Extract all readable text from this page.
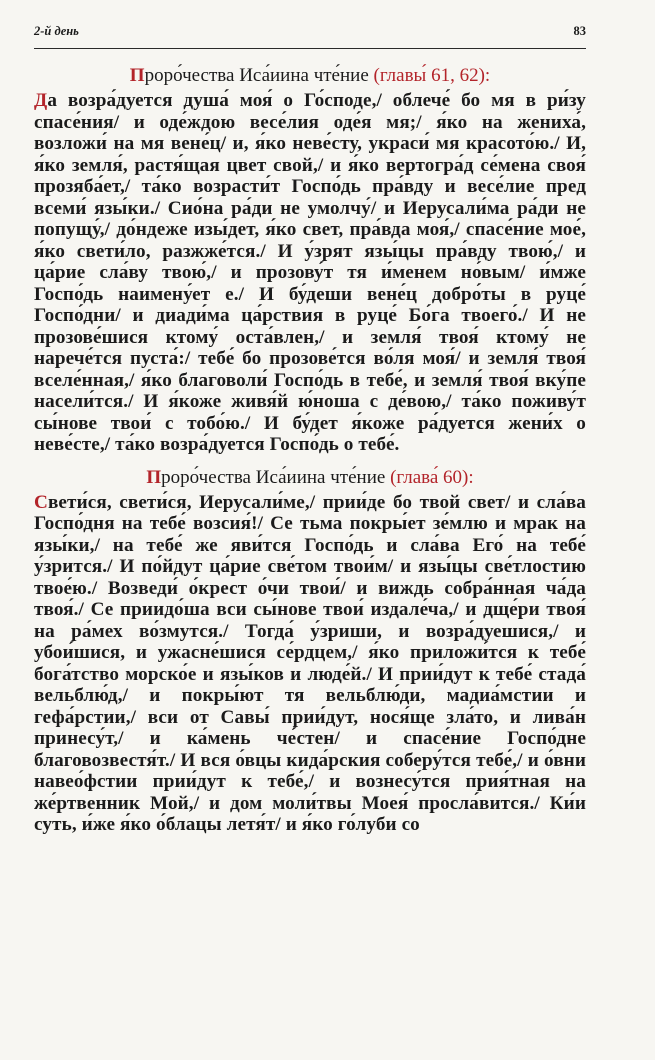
2-й день	83
Проро́чества Иса́иина чте́ние (главы́ 61, 62):

Да возра́дуется душа́ моя́ о Го́споде,/ облече́ бо мя в ри́зу спасе́ния/ и оде́ждою весе́лия оде́я мя;/ я́ко на жениха́, возложи́ на мя вене́ц/ и, я́ко неве́сту, украси́ мя красото́ю./ И, я́ко земля́, растя́щая цвет свой,/ и я́ко вертогра́д се́мена своя́ прозяба́ет,/ та́ко возрасти́т Госпо́дь пра́вду и весе́лие пред всеми́ язы́ки./ Сио́на ра́ди не умолчу́/ и Иерусали́ма ра́ди не попущу́,/ до́ндеже изы́дет, я́ко свет, пра́вда моя́,/ спасе́ние мое́, я́ко свети́ло, разжже́тся./ И у́зрят язы́цы пра́вду твою́,/ и ца́рие сла́ву твою́,/ и прозову́т тя и́менем но́вым/ и́мже Госпо́дь наимену́ет е./ И бу́деши вене́ц добро́ты в руце́ Госпо́дни/ и диади́ма ца́рствия в руце́ Бо́га твоего́./ И не прозове́шися ктому́ оста́влен,/ и земля́ твоя́ ктому́ не нарече́тся пуста́:/ тебе́ бо прозове́тся во́ля моя́/ и земля́ твоя́ вселе́нная,/ я́ко благоволи́ Госпо́дь в тебе́, и земля́ твоя́ вку́пе насели́тся./ И я́коже живя́й ю́ноша с де́вою,/ та́ко поживу́т сы́нове твои́ с тобо́ю./ И бу́дет я́коже ра́дуется жени́х о неве́сте,/ та́ко возра́дуется Госпо́дь о тебе́.

Проро́чества Иса́иина чте́ние (глава́ 60):

Свети́ся, свети́ся, Иерусали́ме,/ прии́де бо твой свет/ и сла́ва Госпо́дня на тебе́ возсия́!/ Се тьма покры́ет зе́млю и мрак на язы́ки,/ на тебе́ же яви́тся Госпо́дь и сла́ва Его́ на тебе́ у́зрится./ И по́йдут ца́рие све́том твои́м/ и язы́цы све́тлостию твое́ю./ Возведи́ о́крест о́чи твои́/ и виждь собра́нная ча́да твоя́./ Се приидо́ша вси сы́нове твои́ издале́ча,/ и дще́ри твоя́ на ра́мех во́змутся./ Тогда́ у́зриши, и возра́дуешися,/ и убои́шися, и ужасне́шися се́рдцем,/ я́ко приложи́тся к тебе́ бога́тство морско́е и язы́ков и люде́й./ И прии́дут к тебе́ стада́ вельблю́д,/ и покры́ют тя вельблю́ди, мадиа́мстии и гефа́рстии,/ вси от Савы́ прии́дут, нося́ще зла́то, и лива́н принесу́т,/ и ка́мень че́стен/ и спасе́ние Госпо́дне благовозвестя́т./ И вся о́вцы кида́рския соберу́тся тебе́,/ и о́вни навео́фстии прии́дут к тебе́,/ и вознесу́тся прия́тная на же́ртвенник Мой,/ и дом моли́твы Моея́ просла́вится./ Ки́и суть, и́же я́ко о́блацы летя́т/ и я́ко го́луби со
